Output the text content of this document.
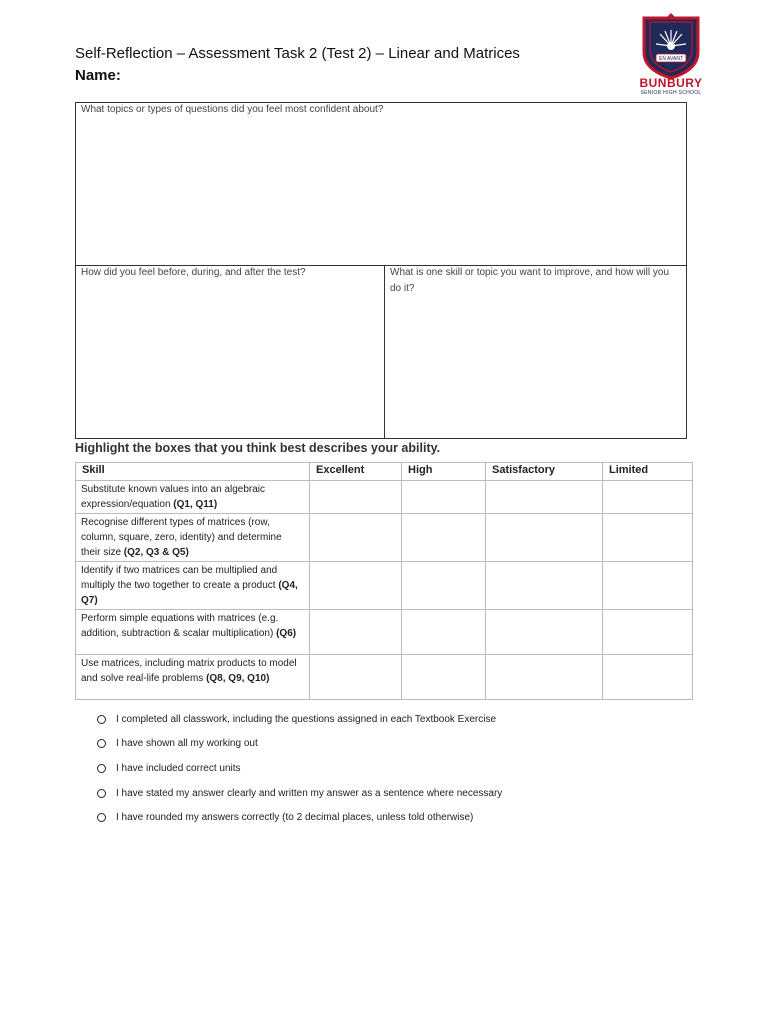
Self-Reflection – Assessment Task 2 (Test 2) – Linear and Matrices
Name:
EN AVANT
BUNBURY
SENIOR HIGH SCHOOL
What topics or types of questions did you feel most confident about?
How did you feel before, during, and after the test?	What is one skill or topic you want to improve, and how will you do it?
Highlight the boxes that you think best describes your ability.
Skill	Excellent	High	Satisfactory	Limited
Substitute known values into an algebraic expression/equation (Q1, Q11)				
Recognise different types of matrices (row, column, square, zero, identity) and determine their size (Q2, Q3 & Q5)				
Identify if two matrices can be multiplied and multiply the two together to create a product (Q4, Q7)				
Perform simple equations with matrices (e.g. addition, subtraction & scalar multiplication) (Q6)				
Use matrices, including matrix products to model and solve real-life problems (Q8, Q9, Q10)				
I completed all classwork, including the questions assigned in each Textbook Exercise
I have shown all my working out
I have included correct units
I have stated my answer clearly and written my answer as a sentence where necessary
I have rounded my answers correctly (to 2 decimal places, unless told otherwise)
